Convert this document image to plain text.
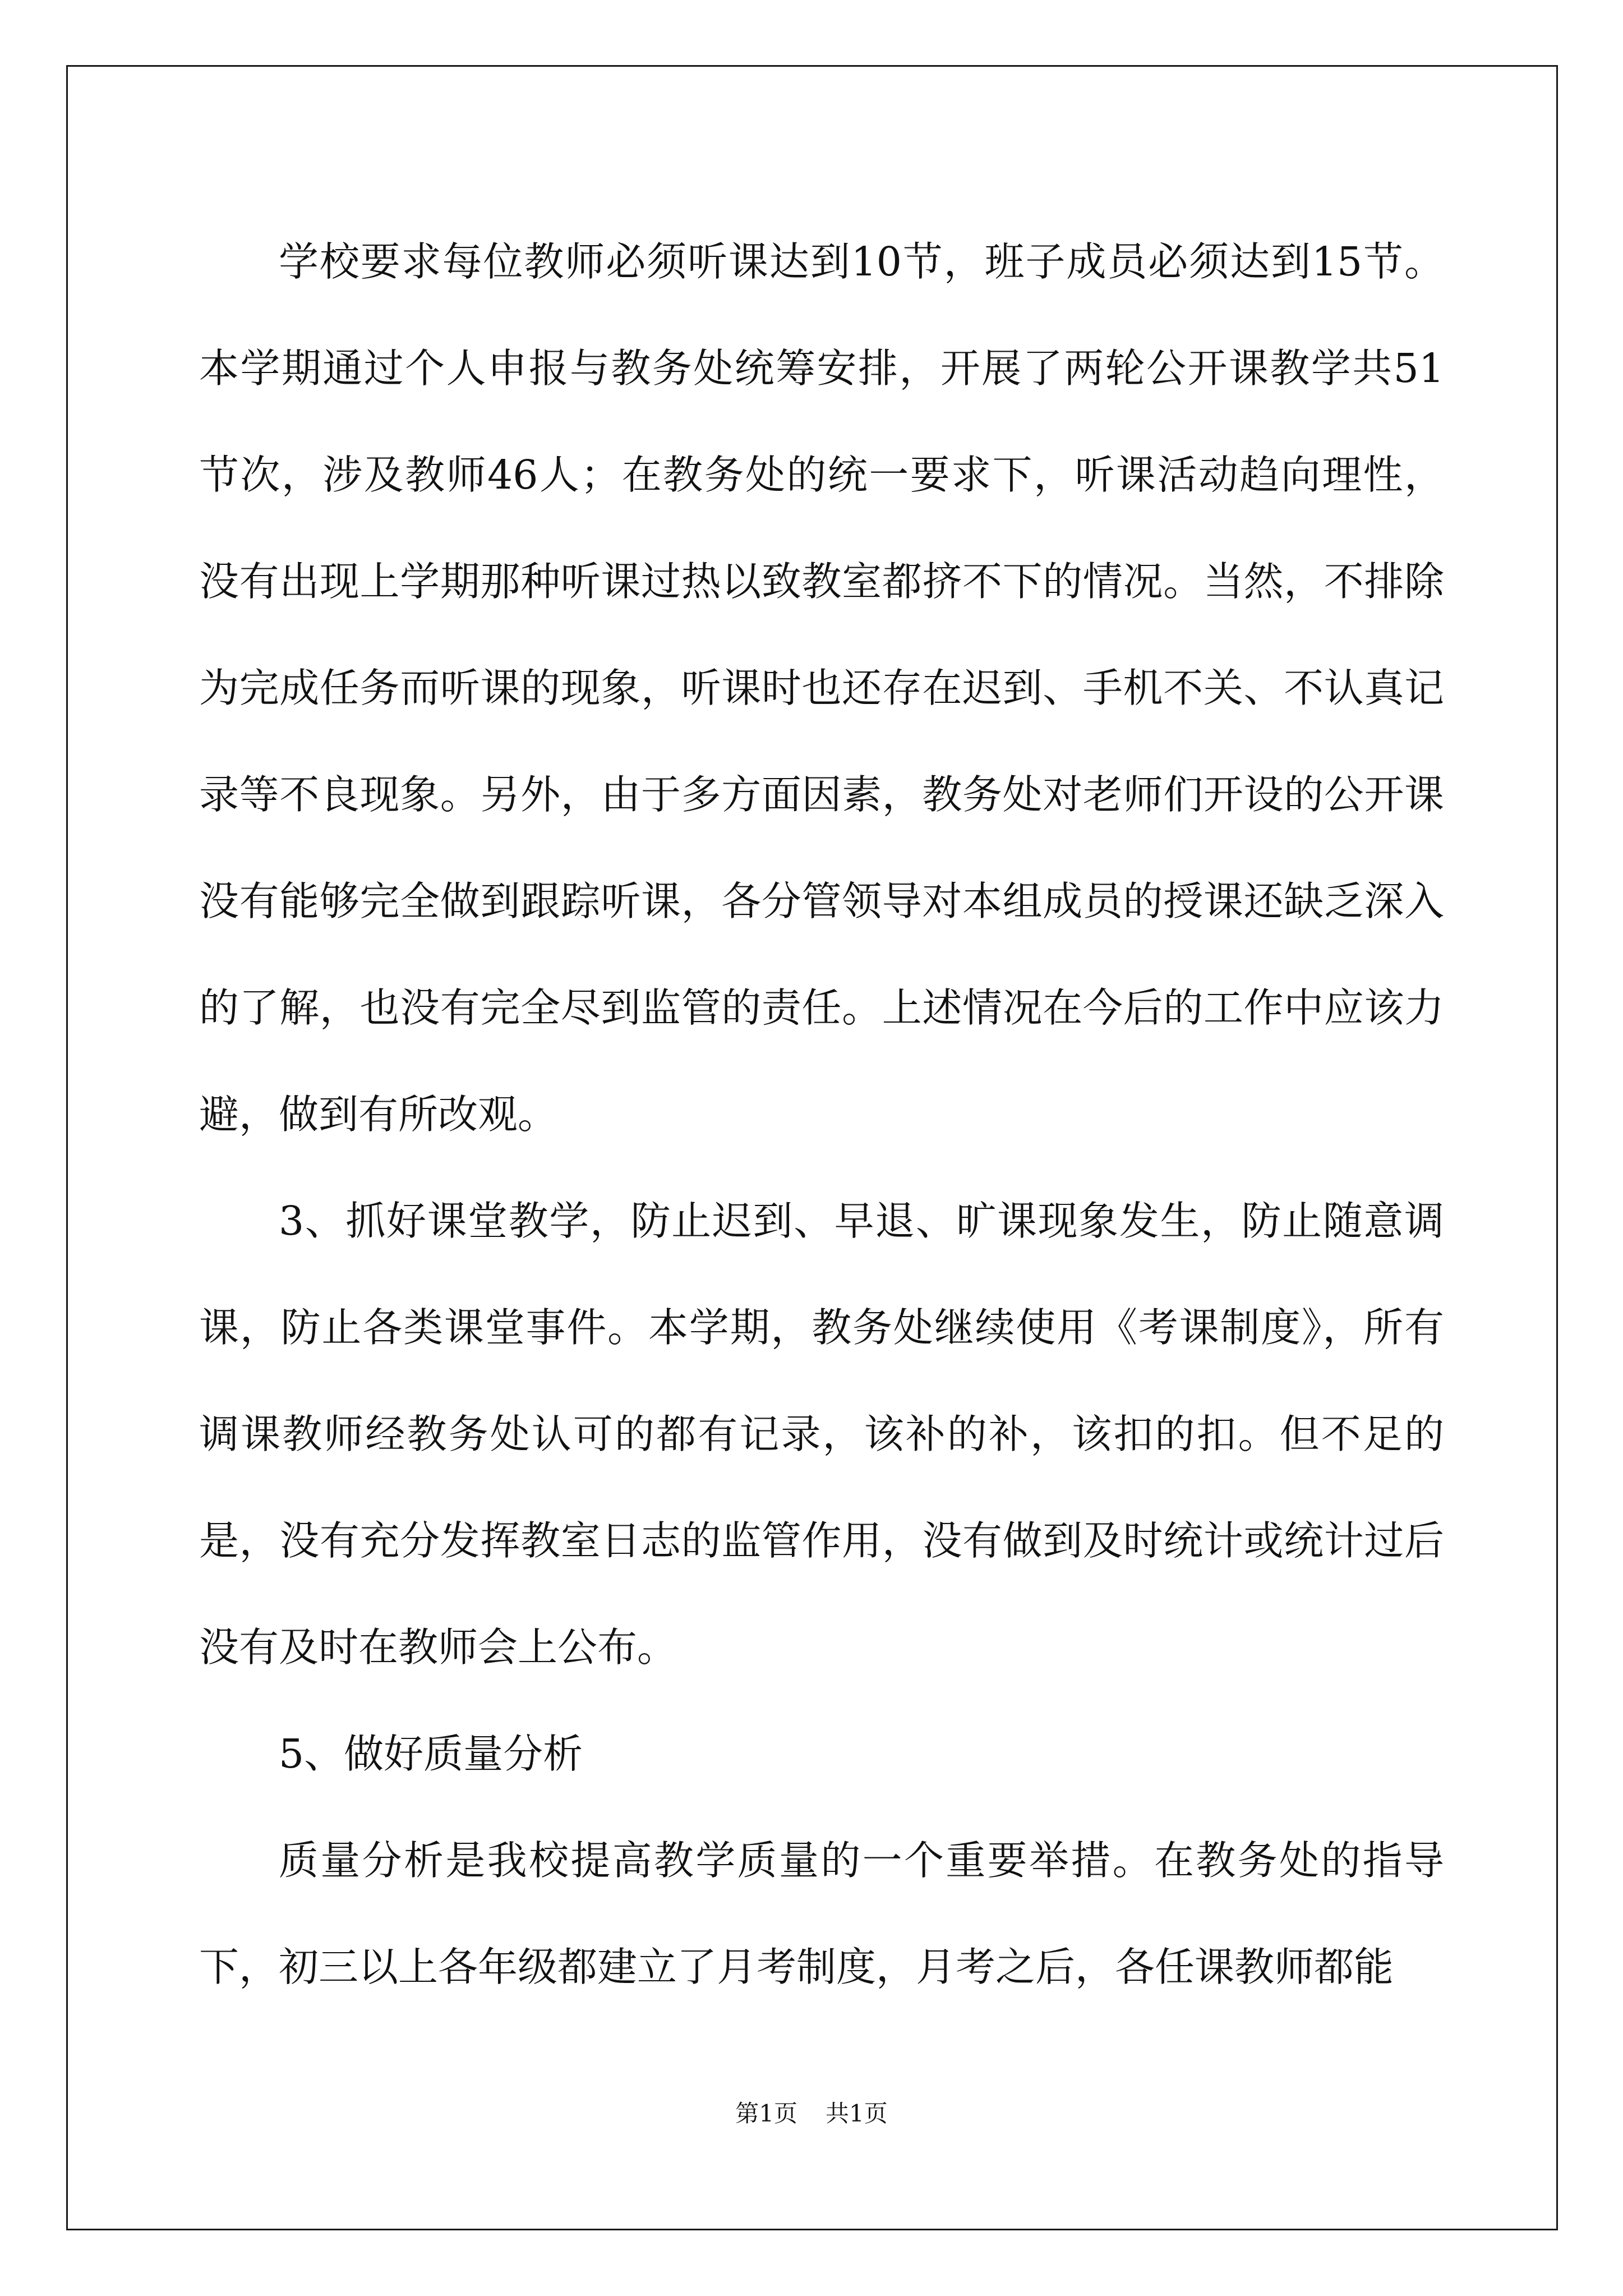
学校要求每位教师必须听课达到10节，班子成员必须达到15节。本学期通过个人申报与教务处统筹安排，开展了两轮公开课教学共51节次，涉及教师46人；在教务处的统一要求下，听课活动趋向理性，没有出现上学期那种听课过热以致教室都挤不下的情况。当然，不排除为完成任务而听课的现象，听课时也还存在迟到、手机不关、不认真记录等不良现象。另外，由于多方面因素，教务处对老师们开设的公开课没有能够完全做到跟踪听课，各分管领导对本组成员的授课还缺乏深入的了解，也没有完全尽到监管的责任。上述情况在今后的工作中应该力避，做到有所改观。

3、抓好课堂教学，防止迟到、早退、旷课现象发生，防止随意调课，防止各类课堂事件。本学期，教务处继续使用《考课制度》，所有调课教师经教务处认可的都有记录，该补的补，该扣的扣。但不足的是，没有充分发挥教室日志的监管作用，没有做到及时统计或统计过后没有及时在教师会上公布。

5、做好质量分析

质量分析是我校提高教学质量的一个重要举措。在教务处的指导下，初三以上各年级都建立了月考制度，月考之后，各任课教师都能

第1页 共1页
